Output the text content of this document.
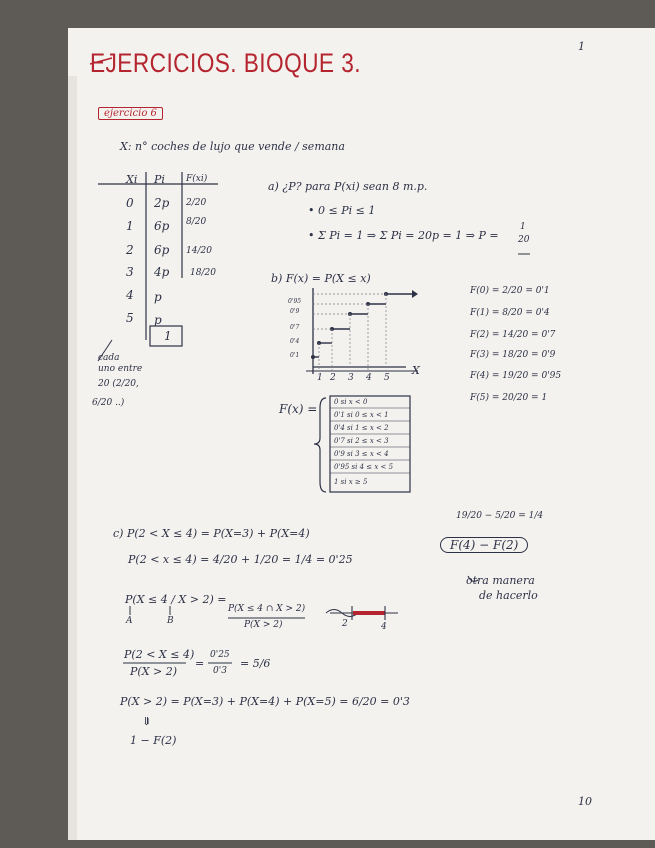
1
EJERCICIOS. BIOQUE 3.
ejercicio 6
X: n° coches de lujo que vende / semana
Xi Pi F(xi)
0 2p 2/20
1 6p 8/20
2 6p 14/20
3 4p 18/20
4 p
5 p
1
cada
uno entre
20 (2/20,
6/20 ..)
a) ¿P? para P(xi) sean 8 m.p.
• 0 ≤ Pi ≤ 1
• Σ Pi = 1 ⇒ Σ Pi = 20p = 1 ⇒ P =
1
20
b) F(x) = P(X ≤ x)
0'95
0'9
0'7
0'4
0'1
1 2 3 4 5
X
F(0) = 2/20 = 0'1
F(1) = 8/20 = 0'4
F(2) = 14/20 = 0'7
F(3) = 18/20 = 0'9
F(4) = 19/20 = 0'95
F(5) = 20/20 = 1
F(x) = 0 si x < 0
0'1 si 0 ≤ x < 1
0'4 si 1 ≤ x < 2
0'7 si 2 ≤ x < 3
0'9 si 3 ≤ x < 4
0'95 si 4 ≤ x < 5
1 si x ≥ 5
c) P(2 < X ≤ 4) = P(X=3) + P(X=4)
P(2 < x ≤ 4) = 4/20 + 1/20 = 1/4 = 0'25
19/20 − 5/20 = 1/4
F(4) − F(2)
otra manera
de hacerlo
P(X ≤ 4 / X > 2) =
P(X ≤ 4 ∩ X > 2)
P(X > 2)
A	B	2	4
P(2 < X ≤ 4)
P(X > 2)
=
0'25
0'3
= 5/6
P(X > 2) = P(X=3) + P(X=4) + P(X=5) = 6/20 = 0'3
⇓
1 − F(2)
10
